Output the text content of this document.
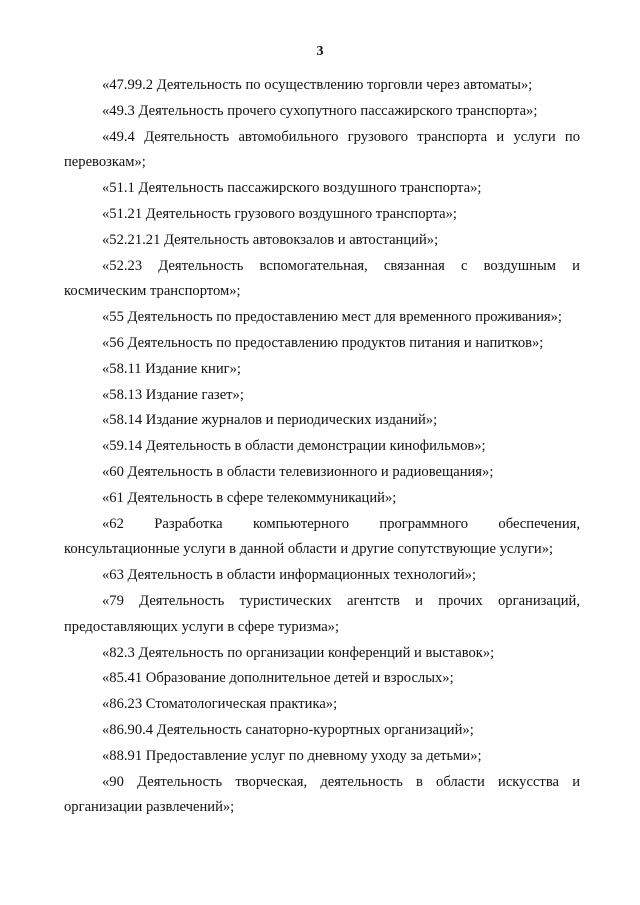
3

«47.99.2 Деятельность по осуществлению торговли через автоматы»;

«49.3 Деятельность прочего сухопутного пассажирского транспорта»;

«49.4 Деятельность автомобильного грузового транспорта и услуги по перевозкам»;

«51.1 Деятельность пассажирского воздушного транспорта»;

«51.21 Деятельность грузового воздушного транспорта»;

«52.21.21 Деятельность автовокзалов и автостанций»;

«52.23 Деятельность вспомогательная, связанная с воздушным и космическим транспортом»;

«55 Деятельность по предоставлению мест для временного проживания»;

«56 Деятельность по предоставлению продуктов питания и напитков»;

«58.11 Издание книг»;

«58.13 Издание газет»;

«58.14 Издание журналов и периодических изданий»;

«59.14 Деятельность в области демонстрации кинофильмов»;

«60 Деятельность в области телевизионного и радиовещания»;

«61 Деятельность в сфере телекоммуникаций»;

«62 Разработка компьютерного программного обеспечения, консультационные услуги в данной области и другие сопутствующие услуги»;

«63 Деятельность в области информационных технологий»;

«79 Деятельность туристических агентств и прочих организаций, предоставляющих услуги в сфере туризма»;

«82.3 Деятельность по организации конференций и выставок»;

«85.41 Образование дополнительное детей и взрослых»;

«86.23 Стоматологическая практика»;

«86.90.4 Деятельность санаторно-курортных организаций»;

«88.91 Предоставление услуг по дневному уходу за детьми»;

«90 Деятельность творческая, деятельность в области искусства и организации развлечений»;
